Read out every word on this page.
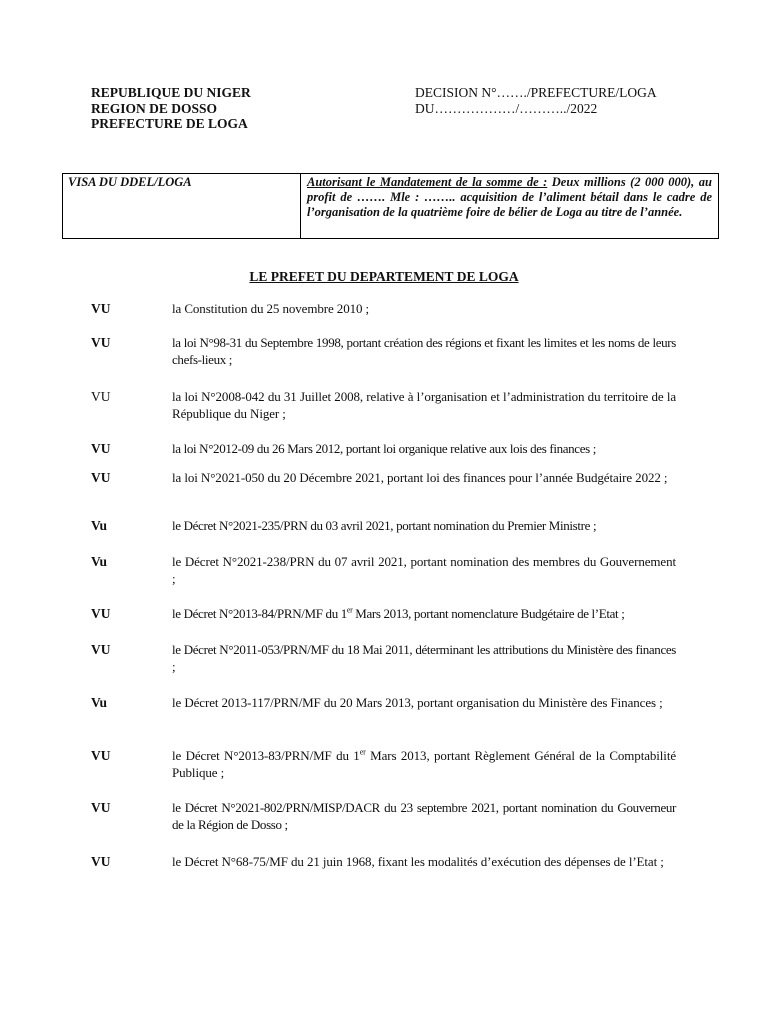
REPUBLIQUE DU NIGER
REGION DE DOSSO
PREFECTURE DE LOGA
DECISION N°……./PREFECTURE/LOGA
DU………………/………../2022
VISA DU DDEL/LOGA	Autorisant le Mandatement de la somme de : Deux millions (2 000 000), au profit de ……. Mle : …….. acquisition de l’aliment bétail dans le cadre de l’organisation de la quatrième foire de bélier de Loga au titre de l’année.
LE PREFET DU DEPARTEMENT DE LOGA
VU	la Constitution du 25 novembre 2010 ;
VU	la loi N°98-31 du Septembre 1998, portant création des régions et fixant les limites et les noms de leurs chefs-lieux ;
VU	la loi N°2008-042 du 31 Juillet 2008, relative à l’organisation et l’administration du territoire de la République du Niger ;
VU	la loi N°2012-09 du 26 Mars 2012, portant loi organique relative aux lois des finances ;
VU	la loi N°2021-050 du 20 Décembre 2021, portant loi des finances pour l’année Budgétaire 2022 ;
Vu	le Décret N°2021-235/PRN du 03 avril 2021, portant nomination du Premier Ministre ;
Vu	le Décret N°2021-238/PRN du 07 avril 2021, portant nomination des membres du Gouvernement ;
VU	le Décret N°2013-84/PRN/MF du 1er Mars 2013, portant nomenclature Budgétaire de l’Etat ;
VU	le Décret N°2011-053/PRN/MF du 18 Mai 2011, déterminant les attributions du Ministère des finances ;
Vu	le Décret 2013-117/PRN/MF du 20 Mars 2013, portant organisation du Ministère des Finances ;
VU	le Décret N°2013-83/PRN/MF du 1er Mars 2013, portant Règlement Général de la Comptabilité Publique ;
VU	le Décret N°2021-802/PRN/MISP/DACR du 23 septembre 2021, portant nomination du Gouverneur de la Région de Dosso ;
VU	le Décret N°68-75/MF du 21 juin 1968, fixant les modalités d’exécution des dépenses de l’Etat ;
